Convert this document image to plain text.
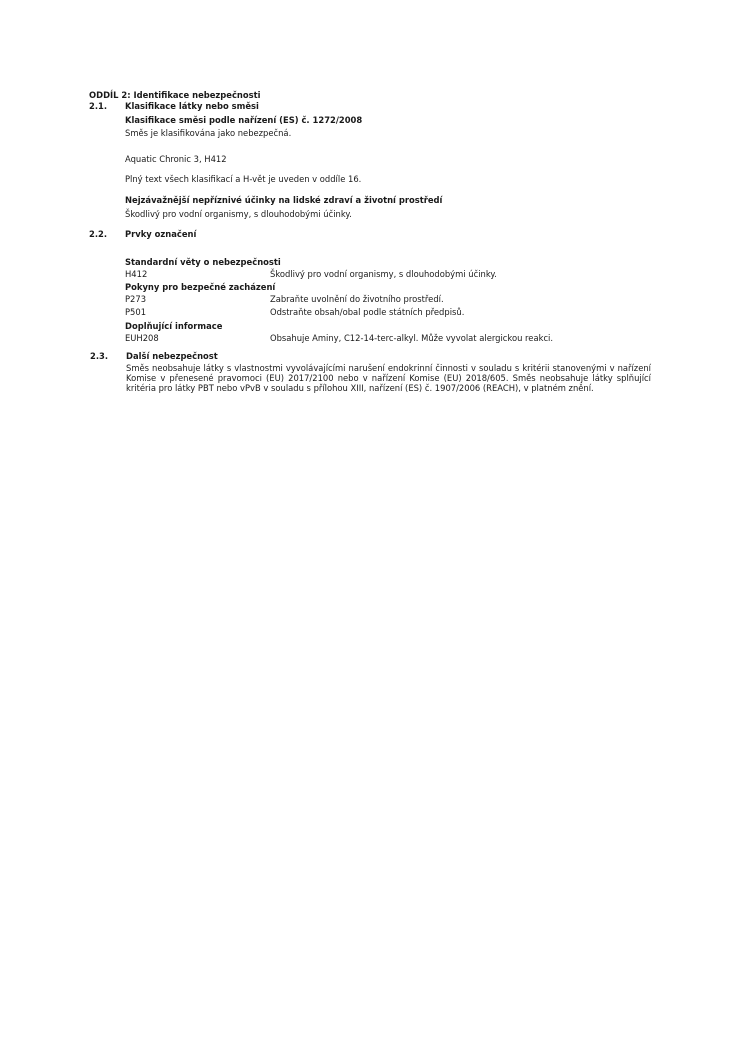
ODDÍL 2: Identifikace nebezpečnosti
2.1. Klasifikace látky nebo směsi
Klasifikace směsi podle nařízení (ES) č. 1272/2008
Směs je klasifikována jako nebezpečná.
Aquatic Chronic 3, H412
Plný text všech klasifikací a H-vět je uveden v oddíle 16.
Nejzávažnější nepříznivé účinky na lidské zdraví a životní prostředí
Škodlivý pro vodní organismy, s dlouhodobými účinky.
2.2. Prvky označení
Standardní věty o nebezpečnosti
H412	Škodlivý pro vodní organismy, s dlouhodobými účinky.
Pokyny pro bezpečné zacházení
P273	Zabraňte uvolnění do životního prostředí.
P501	Odstraňte obsah/obal podle státních předpisů.
Doplňující informace
EUH208	Obsahuje Aminy, C12-14-terc-alkyl. Může vyvolat alergickou reakci.
2.3. Další nebezpečnost
Směs neobsahuje látky s vlastnostmi vyvolávajícími narušení endokrinní činnosti v souladu s kritérii stanovenými v nařízení Komise v přenesené pravomoci (EU) 2017/2100 nebo v nařízení Komise (EU) 2018/605. Směs neobsahuje látky splňující kritéria pro látky PBT nebo vPvB v souladu s přílohou XIII, nařízení (ES) č. 1907/2006 (REACH), v platném znění.
